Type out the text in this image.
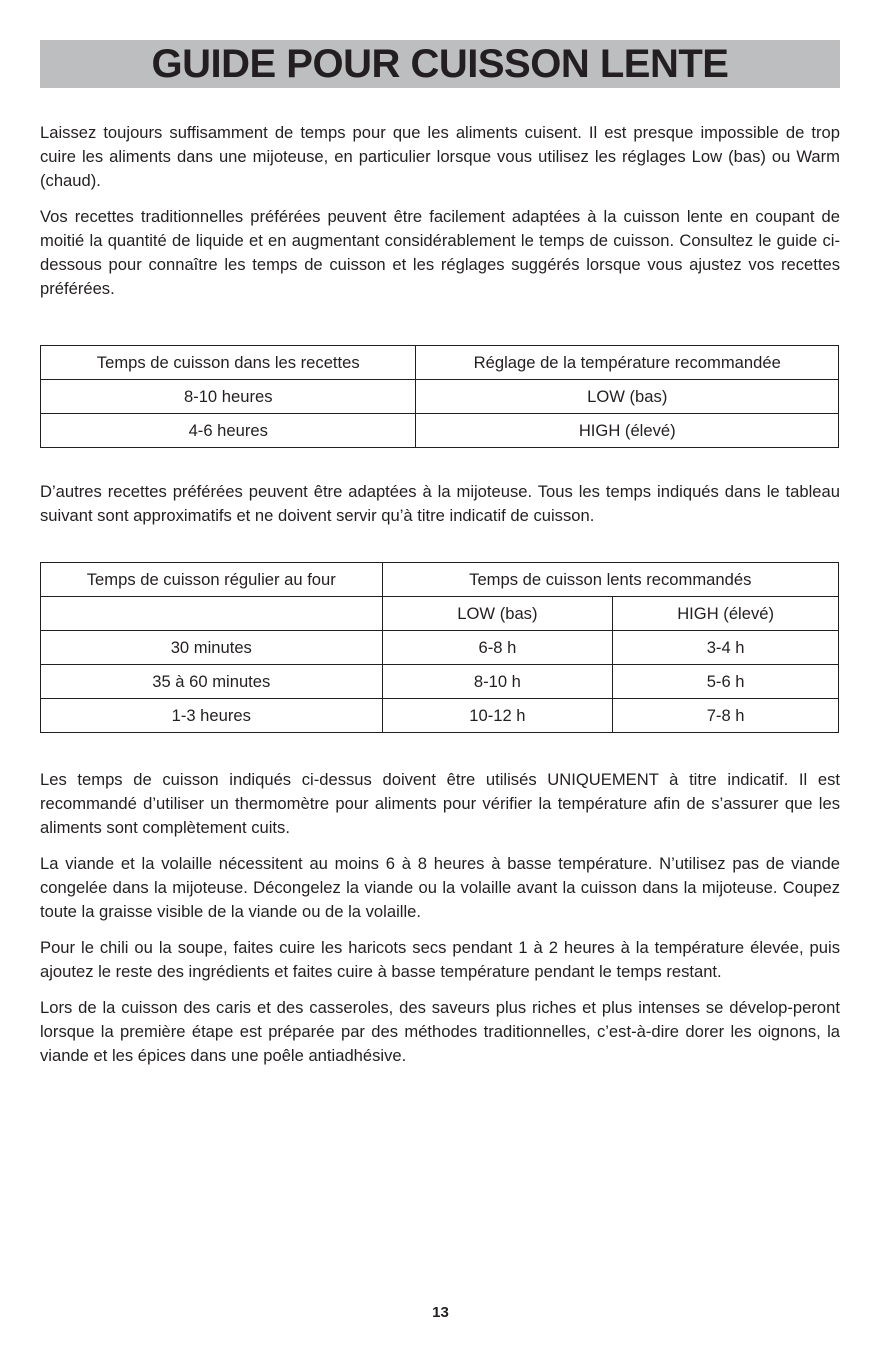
GUIDE POUR CUISSON LENTE

Laissez toujours suffisamment de temps pour que les aliments cuisent. Il est presque impossible de trop cuire les aliments dans une mijoteuse, en particulier lorsque vous utilisez les réglages Low (bas) ou Warm (chaud).

Vos recettes traditionnelles préférées peuvent être facilement adaptées à la cuisson lente en coupant de moitié la quantité de liquide et en augmentant considérablement le temps de cuisson. Consultez le guide ci-dessous pour connaître les temps de cuisson et les réglages suggérés lorsque vous ajustez vos recettes préférées.

Temps de cuisson dans les recettes	Réglage de la température recommandée
8-10 heures	LOW (bas)
4-6 heures	HIGH (élevé)

D’autres recettes préférées peuvent être adaptées à la mijoteuse. Tous les temps indiqués dans le tableau suivant sont approximatifs et ne doivent servir qu’à titre indicatif de cuisson.

Temps de cuisson régulier au four	Temps de cuisson lents recommandés	
	LOW (bas)	HIGH (élevé)
30 minutes	6-8 h	3-4 h
35 à 60 minutes	8-10 h	5-6 h
1-3 heures	10-12 h	7-8 h

Les temps de cuisson indiqués ci-dessus doivent être utilisés UNIQUEMENT à titre indicatif. Il est recommandé d’utiliser un thermomètre pour aliments pour vérifier la température afin de s’assurer que les aliments sont complètement cuits.

La viande et la volaille nécessitent au moins 6 à 8 heures à basse température. N’utilisez pas de viande congelée dans la mijoteuse. Décongelez la viande ou la volaille avant la cuisson dans la mijoteuse. Coupez toute la graisse visible de la viande ou de la volaille.

Pour le chili ou la soupe, faites cuire les haricots secs pendant 1 à 2 heures à la température élevée, puis ajoutez le reste des ingrédients et faites cuire à basse température pendant le temps restant.

Lors de la cuisson des caris et des casseroles, des saveurs plus riches et plus intenses se dévelop-peront lorsque la première étape est préparée par des méthodes traditionnelles, c’est-à-dire dorer les oignons, la viande et les épices dans une poêle antiadhésive.

13
